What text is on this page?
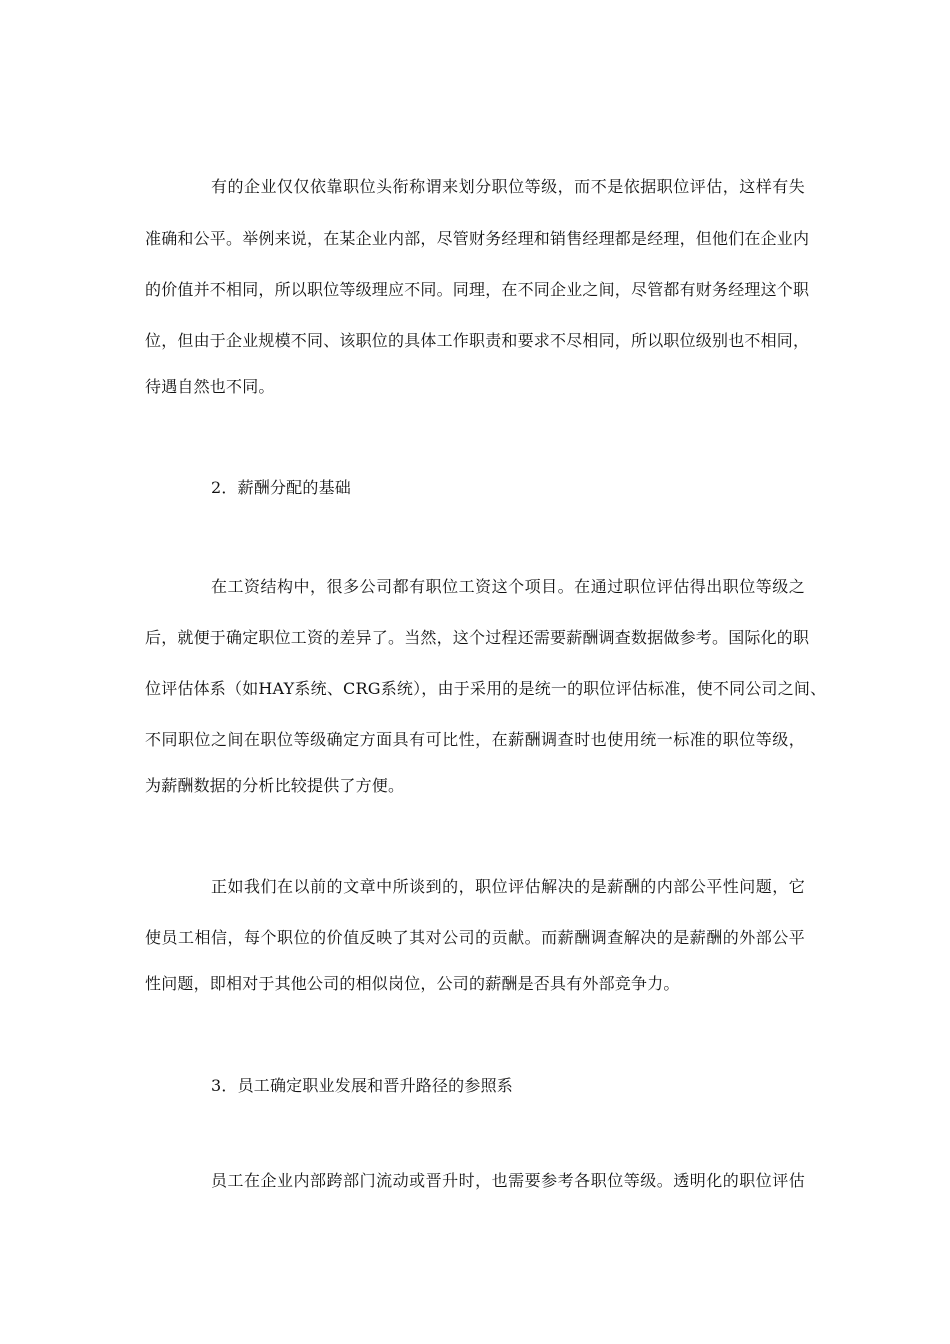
有的企业仅仅依靠职位头衔称谓来划分职位等级，而不是依据职位评估，这样有失
准确和公平。举例来说，在某企业内部，尽管财务经理和销售经理都是经理，但他们在企业内
的价值并不相同，所以职位等级理应不同。同理，在不同企业之间，尽管都有财务经理这个职
位，但由于企业规模不同、该职位的具体工作职责和要求不尽相同，所以职位级别也不相同，
待遇自然也不同。
2．薪酬分配的基础
在工资结构中，很多公司都有职位工资这个项目。在通过职位评估得出职位等级之
后，就便于确定职位工资的差异了。当然，这个过程还需要薪酬调查数据做参考。国际化的职
位评估体系（如HAY系统、CRG系统），由于采用的是统一的职位评估标准，使不同公司之间、
不同职位之间在职位等级确定方面具有可比性，在薪酬调查时也使用统一标准的职位等级，
为薪酬数据的分析比较提供了方便。
正如我们在以前的文章中所谈到的，职位评估解决的是薪酬的内部公平性问题，它
使员工相信，每个职位的价值反映了其对公司的贡献。而薪酬调查解决的是薪酬的外部公平
性问题，即相对于其他公司的相似岗位，公司的薪酬是否具有外部竞争力。
3．员工确定职业发展和晋升路径的参照系
员工在企业内部跨部门流动或晋升时，也需要参考各职位等级。透明化的职位评估
